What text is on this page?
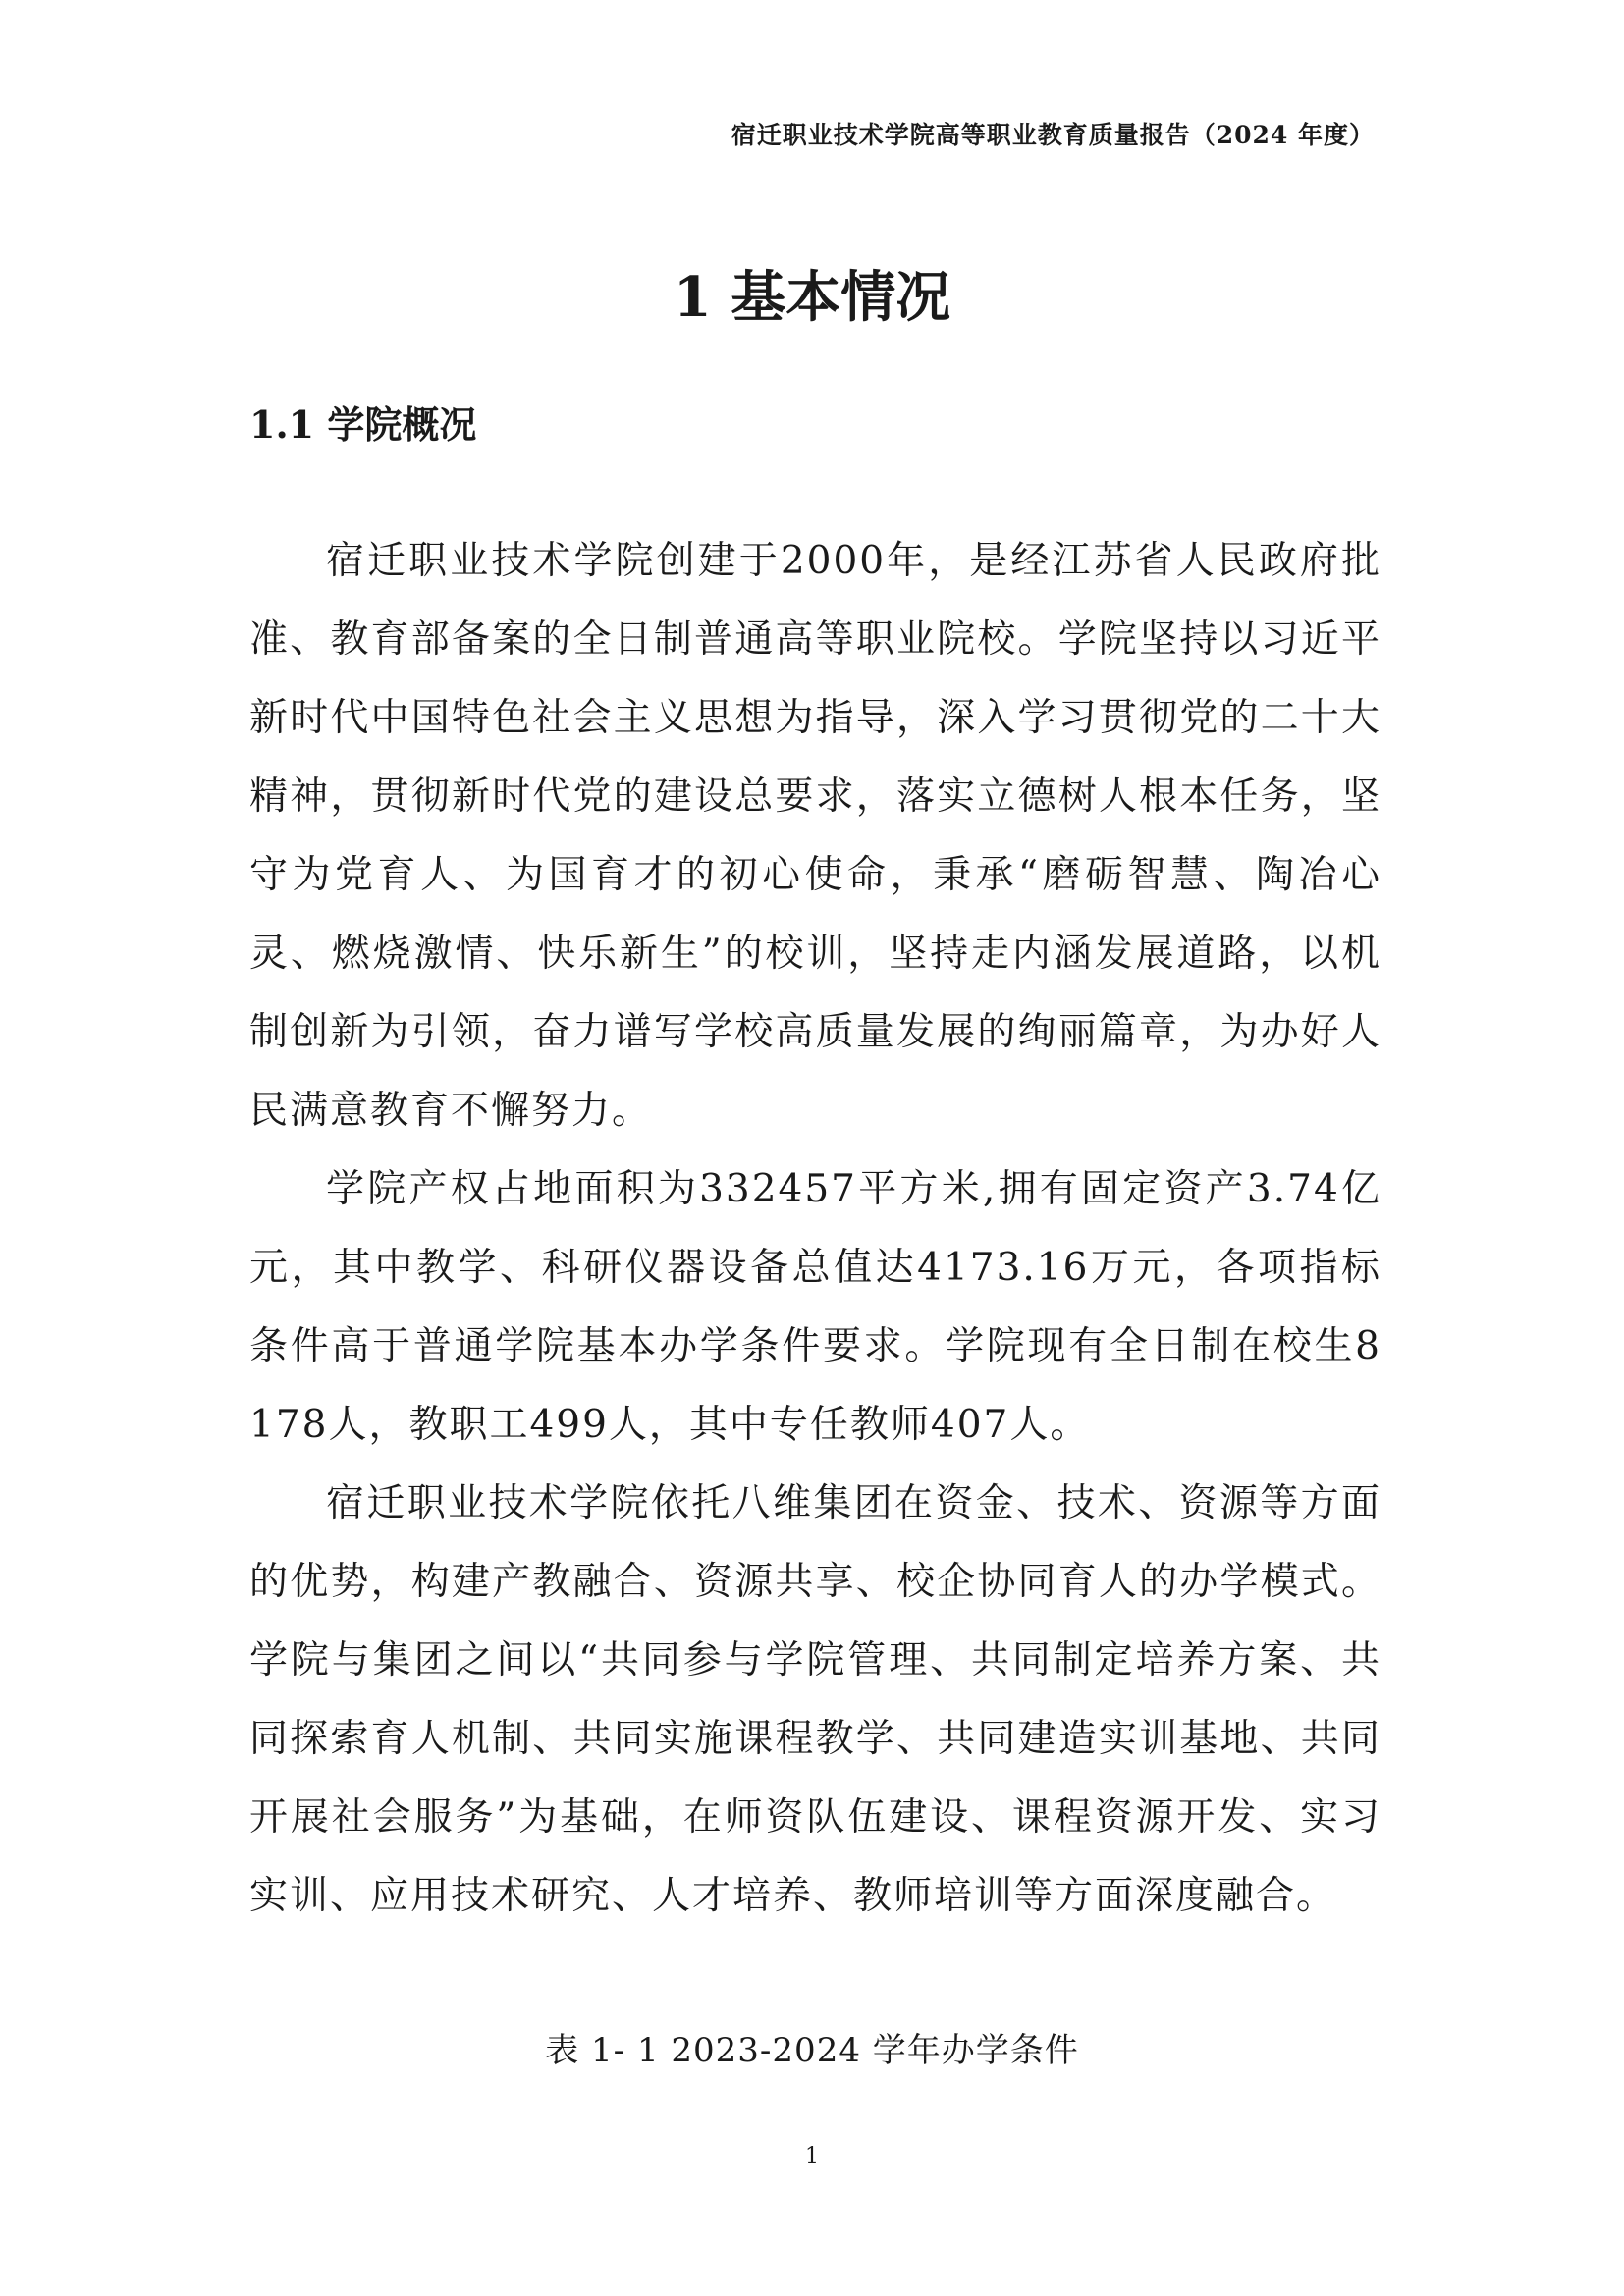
宿迁职业技术学院高等职业教育质量报告（2024 年度）
1 基本情况
1.1 学院概况

宿迁职业技术学院创建于2000年，是经江苏省人民政府批准、教育部备案的全日制普通高等职业院校。学院坚持以习近平新时代中国特色社会主义思想为指导，深入学习贯彻党的二十大精神，贯彻新时代党的建设总要求，落实立德树人根本任务，坚守为党育人、为国育才的初心使命，秉承“磨砺智慧、陶冶心灵、燃烧激情、快乐新生”的校训，坚持走内涵发展道路，以机制创新为引领，奋力谱写学校高质量发展的绚丽篇章，为办好人民满意教育不懈努力。

学院产权占地面积为332457平方米,拥有固定资产3.74亿元，其中教学、科研仪器设备总值达4173.16万元，各项指标条件高于普通学院基本办学条件要求。学院现有全日制在校生8178人，教职工499人，其中专任教师407人。

宿迁职业技术学院依托八维集团在资金、技术、资源等方面的优势，构建产教融合、资源共享、校企协同育人的办学模式。学院与集团之间以“共同参与学院管理、共同制定培养方案、共同探索育人机制、共同实施课程教学、共同建造实训基地、共同开展社会服务”为基础，在师资队伍建设、课程资源开发、实习实训、应用技术研究、人才培养、教师培训等方面深度融合。

表 1- 1 2023-2024 学年办学条件

1
